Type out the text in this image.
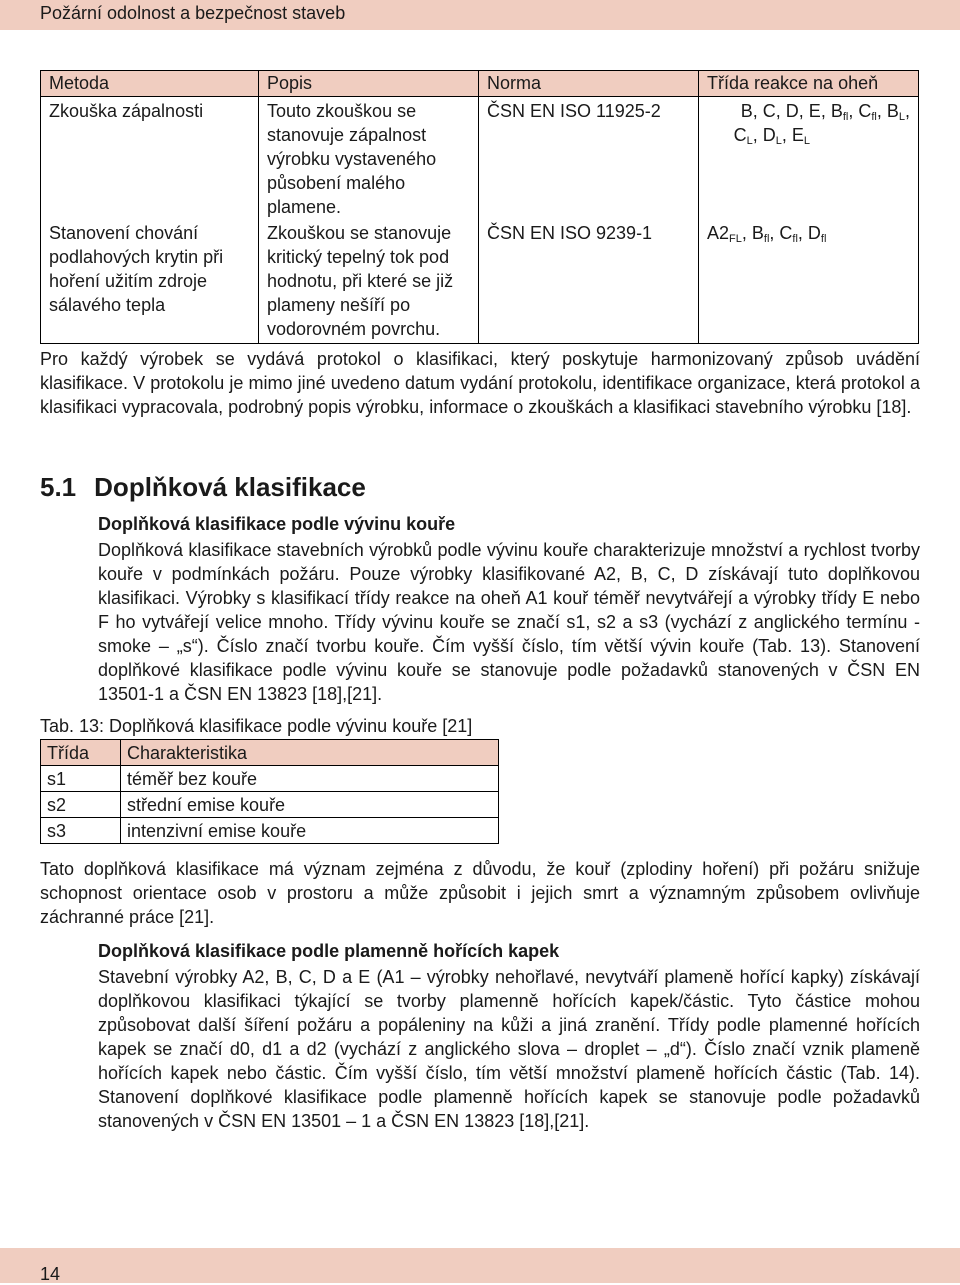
Požární odolnost a bezpečnost staveb
Metoda	Popis	Norma	Třída reakce na oheň
Zkouška zápalnosti	Touto zkouškou se stanovuje zápalnost výrobku vystaveného působení malého plamene.	ČSN EN ISO 11925-2	B, C, D, E, $B_{fl}$, $C_{fl}$, $B_L$,
$C_L$, $D_L$, $E_L$
Stanovení chování podlahových krytin při hoření užitím zdroje sálavého tepla	Zkouškou se stanovuje kritický tepelný tok pod hodnotu, při které se již plameny nešíří po vodorovném povrchu.	ČSN EN ISO 9239-1	$A2_{FL}$, $B_{fl}$, $C_{fl}$, $D_{fl}$
Pro každý výrobek se vydává protokol o klasifikaci, který poskytuje harmonizovaný způsob uvádění klasifikace. V protokolu je mimo jiné uvedeno datum vydání protokolu, identifikace organizace, která protokol a klasifikaci vypracovala, podrobný popis výrobku, informace o zkouškách a klasifikaci stavebního výrobku [18].
5.1 Doplňková klasifikace
Doplňková klasifikace podle vývinu kouře
Doplňková klasifikace stavebních výrobků podle vývinu kouře charakterizuje množství a rychlost tvorby kouře v podmínkách požáru. Pouze výrobky klasifikované A2, B, C, D získávají tuto doplňkovou klasifikaci. Výrobky s klasifikací třídy reakce na oheň A1 kouř téměř nevytvářejí a výrobky třídy E nebo F ho vytvářejí velice mnoho. Třídy vývinu kouře se značí s1, s2 a s3 (vychází z anglického termínu - smoke – „s“). Číslo značí tvorbu kouře. Čím vyšší číslo, tím větší vývin kouře (Tab. 13). Stanovení doplňkové klasifikace podle vývinu kouře se stanovuje podle požadavků stanovených v ČSN EN 13501-1 a ČSN EN 13823 [18],[21].
Tab. 13: Doplňková klasifikace podle vývinu kouře [21]
Třída	Charakteristika
s1	téměř bez kouře
s2	střední emise kouře
s3	intenzivní emise kouře
Tato doplňková klasifikace má význam zejména z důvodu, že kouř (zplodiny hoření) při požáru snižuje schopnost orientace osob v prostoru a může způsobit i jejich smrt a významným způsobem ovlivňuje záchranné práce [21].
Doplňková klasifikace podle plamenně hořících kapek
Stavební výrobky A2, B, C, D a E (A1 – výrobky nehořlavé, nevytváří plameně hořící kapky) získávají doplňkovou klasifikaci týkající se tvorby plamenně hořících kapek/částic. Tyto částice mohou způsobovat další šíření požáru a popáleniny na kůži a jiná zranění. Třídy podle plamenné hořících kapek se značí d0, d1 a d2 (vychází z anglického slova – droplet – „d“). Číslo značí vznik plameně hořících kapek nebo částic. Čím vyšší číslo, tím větší množství plameně hořících částic (Tab. 14). Stanovení doplňkové klasifikace podle plamenně hořících kapek se stanovuje podle požadavků stanovených v ČSN EN 13501 – 1 a ČSN EN 13823 [18],[21].
14
